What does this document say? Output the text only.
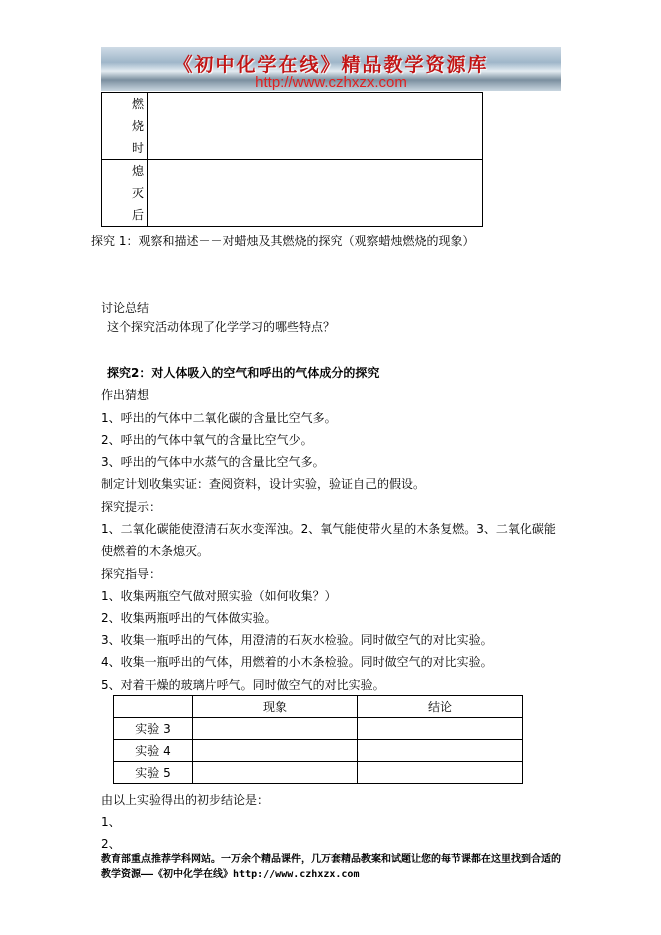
《初中化学在线》精品教学资源库
http://www.czhxzx.com
燃烧时	

熄灭后	

探究 1：观察和描述－－对蜡烛及其燃烧的探究（观察蜡烛燃烧的现象）
讨论总结
这个探究活动体现了化学学习的哪些特点？
探究2：对人体吸入的空气和呼出的气体成分的探究
作出猜想
1、呼出的气体中二氧化碳的含量比空气多。
2、呼出的气体中氧气的含量比空气少。
3、呼出的气体中水蒸气的含量比空气多。
制定计划收集实证：查阅资料，设计实验，验证自己的假设。
探究提示：
1、二氧化碳能使澄清石灰水变浑浊。2、氧气能使带火星的木条复燃。3、二氧化碳能
使燃着的木条熄灭。
探究指导：
1、收集两瓶空气做对照实验（如何收集？）
2、收集两瓶呼出的气体做实验。
3、收集一瓶呼出的气体，用澄清的石灰水检验。同时做空气的对比实验。
4、收集一瓶呼出的气体，用燃着的小木条检验。同时做空气的对比实验。
5、对着干燥的玻璃片呼气。同时做空气的对比实验。
	现象	结论
实验 3		
实验 4		
实验 5		
由以上实验得出的初步结论是：
1、
2、
教育部重点推荐学科网站。一万余个精品课件，几万套精品教案和试题让您的每节课都在这里找到合适的
教学资源——《初中化学在线》http://www.czhxzx.com
